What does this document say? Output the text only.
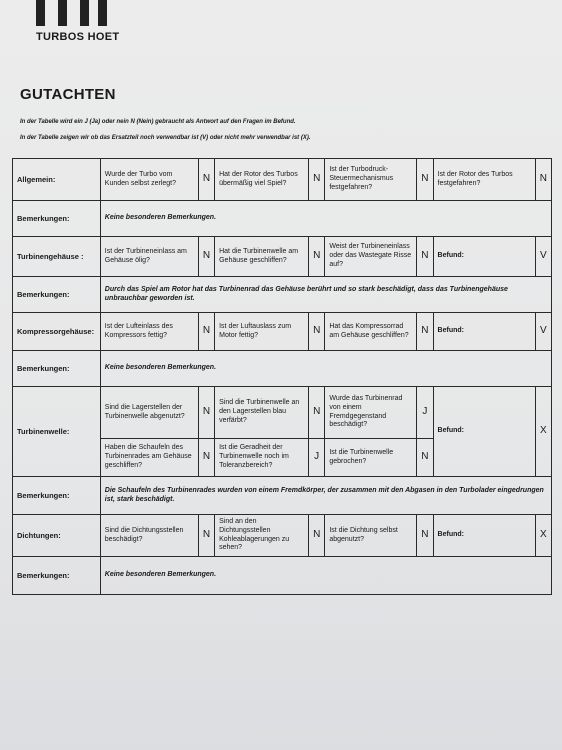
TURBOS HOET
GUTACHTEN
In der Tabelle wird ein J (Ja) oder nein N (Nein) gebraucht als Antwort auf den Fragen im Befund.
In der Tabelle zeigen wir ob das Ersatzteil noch verwendbar ist (V) oder nicht mehr verwendbar ist (X).
Allgemein:	Wurde der Turbo vom Kunden selbst zerlegt?	N	Hat der Rotor des Turbos übermäßig viel Spiel?	N	Ist der Turbodruck-Steuermechanismus festgefahren?	N	Ist der Rotor des Turbos festgefahren?	N
Bemerkungen:	Keine besonderen Bemerkungen.							
Turbinengehäuse :	Ist der Turbineneinlass am Gehäuse ölig?	N	Hat die Turbinenwelle am Gehäuse geschliffen?	N	Weist der Turbineneinlass oder das Wastegate Risse auf?	N	Befund:	V
Bemerkungen:	Durch das Spiel am Rotor hat das Turbinenrad das Gehäuse berührt und so stark beschädigt, dass das Turbinengehäuse unbrauchbar geworden ist.							
Kompressorgehäuse:	Ist der Lufteinlass des Kompressors fettig?	N	Ist der Luftauslass zum Motor fettig?	N	Hat das Kompressorrad am Gehäuse geschliffen?	N	Befund:	V
Bemerkungen:	Keine besonderen Bemerkungen.							
Turbinenwelle:	Sind die Lagerstellen der Turbinenwelle abgenutzt?	N	Sind die Turbinenwelle an den Lagerstellen blau verfärbt?	N	Wurde das Turbinenrad von einem Fremdgegenstand beschädigt?	J	Befund:	X
	Haben die Schaufeln des Turbinenrades am Gehäuse geschliffen?	N	Ist die Geradheit der Turbinenwelle noch im Toleranzbereich?	J	Ist die Turbinenwelle gebrochen?	N		
Bemerkungen:	Die Schaufeln des Turbinenrades wurden von einem Fremdkörper, der zusammen mit den Abgasen in den Turbolader eingedrungen ist, stark beschädigt.							
Dichtungen:	Sind die Dichtungsstellen beschädigt?	N	Sind an den Dichtungsstellen Kohleablagerungen zu sehen?	N	Ist die Dichtung selbst abgenutzt?	N	Befund:	X
Bemerkungen:	Keine besonderen Bemerkungen.							
